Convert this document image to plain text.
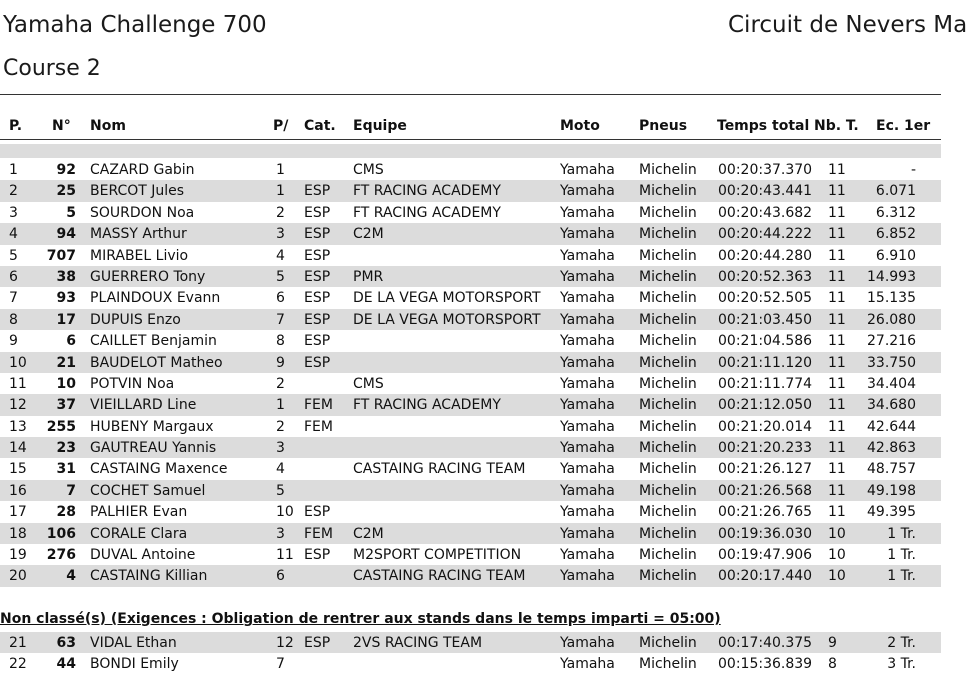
Yamaha Challenge 700	Circuit de Nevers Ma
Course 2
P.	N° Nom	P/ Cat. Equipe	Moto	Pneus Temps total Nb. T. Ec. 1er
1	92 CAZARD Gabin	1	CMS	Yamaha Michelin 00:20:37.370 11	-
2	25 BERCOT Jules	1 ESP FT RACING ACADEMY	Yamaha Michelin 00:20:43.441 11	6.071
3	5 SOURDON Noa	2 ESP FT RACING ACADEMY	Yamaha Michelin 00:20:43.682 11	6.312
4	94 MASSY Arthur	3 ESP C2M	Yamaha Michelin 00:20:44.222 11	6.852
5	707 MIRABEL Livio	4 ESP	Yamaha Michelin 00:20:44.280 11	6.910
6	38 GUERRERO Tony	5 ESP PMR	Yamaha Michelin 00:20:52.363 11	14.993
7	93 PLAINDOUX Evann	6 ESP DE LA VEGA MOTORSPORT Yamaha Michelin 00:20:52.505 11	15.135
8	17 DUPUIS Enzo	7 ESP DE LA VEGA MOTORSPORT Yamaha Michelin 00:21:03.450 11	26.080
9	6 CAILLET Benjamin	8 ESP	Yamaha Michelin 00:21:04.586 11	27.216
10	21 BAUDELOT Matheo	9 ESP	Yamaha Michelin 00:21:11.120 11	33.750
11	10 POTVIN Noa	2	CMS	Yamaha Michelin 00:21:11.774 11	34.404
12	37 VIEILLARD Line	1 FEM FT RACING ACADEMY	Yamaha Michelin 00:21:12.050 11	34.680
13 255 HUBENY Margaux	2 FEM	Yamaha Michelin 00:21:20.014 11	42.644
14	23 GAUTREAU Yannis	3	Yamaha Michelin 00:21:20.233 11	42.863
15	31 CASTAING Maxence	4	CASTAING RACING TEAM Yamaha Michelin 00:21:26.127 11	48.757
16	7 COCHET Samuel	5	Yamaha Michelin 00:21:26.568 11	49.198
17	28 PALHIER Evan	10 ESP	Yamaha Michelin 00:21:26.765 11	49.395
18 106 CORALE Clara	3 FEM C2M	Yamaha Michelin 00:19:36.030 10	1 Tr.
19 276 DUVAL Antoine	11 ESP M2SPORT COMPETITION	Yamaha Michelin 00:19:47.906 10	1 Tr.
20	4 CASTAING Killian	6	CASTAING RACING TEAM Yamaha Michelin 00:20:17.440 10	1 Tr.
Non classé(s) (Exigences : Obligation de rentrer aux stands dans le temps imparti = 05:00)
21	63 VIDAL Ethan	12 ESP 2VS RACING TEAM	Yamaha Michelin 00:17:40.375 9	2 Tr.
22	44 BONDI Emily	7	Yamaha Michelin 00:15:36.839 8	3 Tr.
